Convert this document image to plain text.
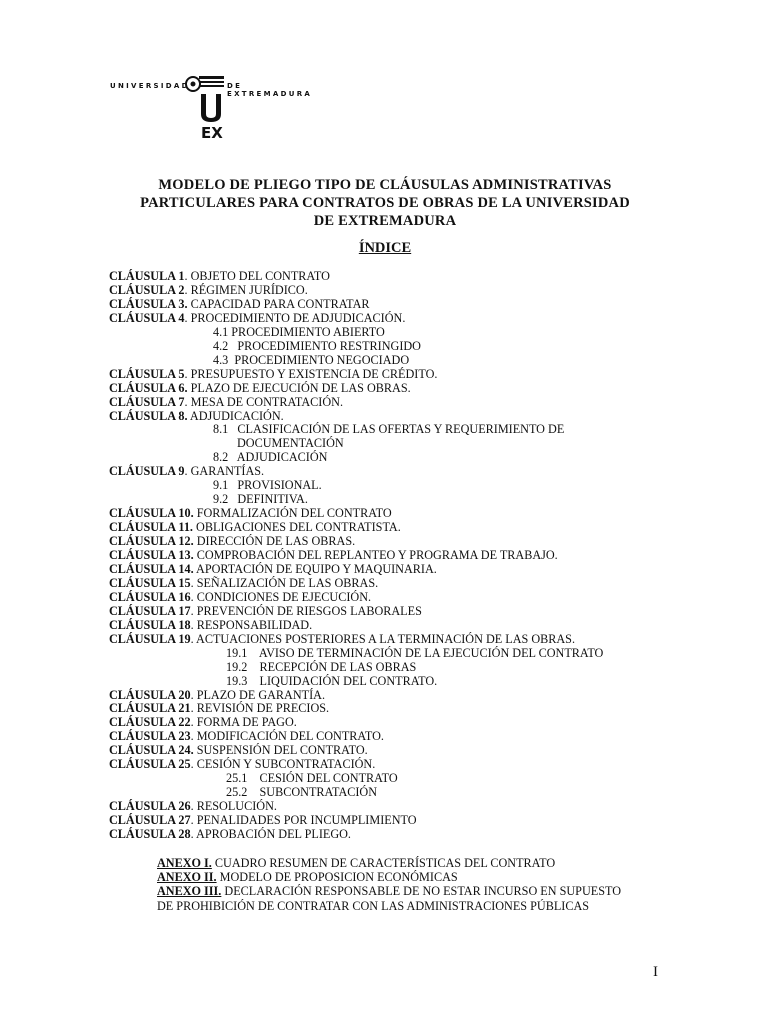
UNIVERSIDAD
EX
DE EXTREMADURA
MODELO DE PLIEGO TIPO DE CLÁUSULAS ADMINISTRATIVAS
PARTICULARES PARA CONTRATOS DE OBRAS DE LA UNIVERSIDAD
DE EXTREMADURA
ÍNDICE
CLÁUSULA 1. OBJETO DEL CONTRATO
CLÁUSULA 2. RÉGIMEN JURÍDICO.
CLÁUSULA 3. CAPACIDAD PARA CONTRATAR
CLÁUSULA 4. PROCEDIMIENTO DE ADJUDICACIÓN.
4.1 PROCEDIMIENTO ABIERTO
4.2   PROCEDIMIENTO RESTRINGIDO
4.3  PROCEDIMIENTO NEGOCIADO
CLÁUSULA 5. PRESUPUESTO Y EXISTENCIA DE CRÉDITO.
CLÁUSULA 6. PLAZO DE EJECUCIÓN DE LAS OBRAS.
CLÁUSULA 7. MESA DE CONTRATACIÓN.
CLÁUSULA 8. ADJUDICACIÓN.
8.1   CLASIFICACIÓN DE LAS OFERTAS Y REQUERIMIENTO DE
DOCUMENTACIÓN
8.2   ADJUDICACIÓN
CLÁUSULA 9. GARANTÍAS.
9.1   PROVISIONAL.
9.2   DEFINITIVA.
CLÁUSULA 10. FORMALIZACIÓN DEL CONTRATO
CLÁUSULA 11. OBLIGACIONES DEL CONTRATISTA.
CLÁUSULA 12. DIRECCIÓN DE LAS OBRAS.
CLÁUSULA 13. COMPROBACIÓN DEL REPLANTEO Y PROGRAMA DE TRABAJO.
CLÁUSULA 14. APORTACIÓN DE EQUIPO Y MAQUINARIA.
CLÁUSULA 15. SEÑALIZACIÓN DE LAS OBRAS.
CLÁUSULA 16. CONDICIONES DE EJECUCIÓN.
CLÁUSULA 17. PREVENCIÓN DE RIESGOS LABORALES
CLÁUSULA 18. RESPONSABILIDAD.
CLÁUSULA 19. ACTUACIONES POSTERIORES A LA TERMINACIÓN DE LAS OBRAS.
19.1    AVISO DE TERMINACIÓN DE LA EJECUCIÓN DEL CONTRATO
19.2    RECEPCIÓN DE LAS OBRAS
19.3    LIQUIDACIÓN DEL CONTRATO.
CLÁUSULA 20. PLAZO DE GARANTÍA.
CLÁUSULA 21. REVISIÓN DE PRECIOS.
CLÁUSULA 22. FORMA DE PAGO.
CLÁUSULA 23. MODIFICACIÓN DEL CONTRATO.
CLÁUSULA 24. SUSPENSIÓN DEL CONTRATO.
CLÁUSULA 25. CESIÓN Y SUBCONTRATACIÓN.
25.1    CESIÓN DEL CONTRATO
25.2    SUBCONTRATACIÓN
CLÁUSULA 26. RESOLUCIÓN.
CLÁUSULA 27. PENALIDADES POR INCUMPLIMIENTO
CLÁUSULA 28. APROBACIÓN DEL PLIEGO.
ANEXO I. CUADRO RESUMEN DE CARACTERÍSTICAS DEL CONTRATO
ANEXO II. MODELO DE PROPOSICION ECONÓMICAS
ANEXO III. DECLARACIÓN RESPONSABLE DE NO ESTAR INCURSO EN SUPUESTO
DE PROHIBICIÓN DE CONTRATAR CON LAS ADMINISTRACIONES PÚBLICAS
I
